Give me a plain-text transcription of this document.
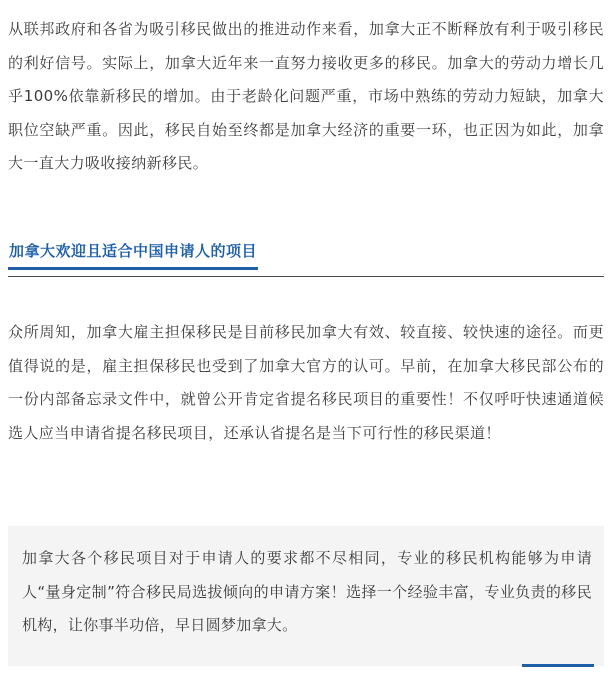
从联邦政府和各省为吸引移民做出的推进动作来看，加拿大正不断释放有利于吸引移民的利好信号。实际上，加拿大近年来一直努力接收更多的移民。加拿大的劳动力增长几乎100%依靠新移民的增加。由于老龄化问题严重，市场中熟练的劳动力短缺，加拿大职位空缺严重。因此，移民自始至终都是加拿大经济的重要一环，也正因为如此，加拿大一直大力吸收接纳新移民。

加拿大欢迎且适合中国申请人的项目

众所周知，加拿大雇主担保移民是目前移民加拿大有效、较直接、较快速的途径。而更值得说的是，雇主担保移民也受到了加拿大官方的认可。早前，在加拿大移民部公布的一份内部备忘录文件中，就曾公开肯定省提名移民项目的重要性！不仅呼吁快速通道候选人应当申请省提名移民项目，还承认省提名是当下可行性的移民渠道！

加拿大各个移民项目对于申请人的要求都不尽相同，专业的移民机构能够为申请人“量身定制”符合移民局选拔倾向的申请方案！选择一个经验丰富，专业负责的移民机构，让你事半功倍，早日圆梦加拿大。
